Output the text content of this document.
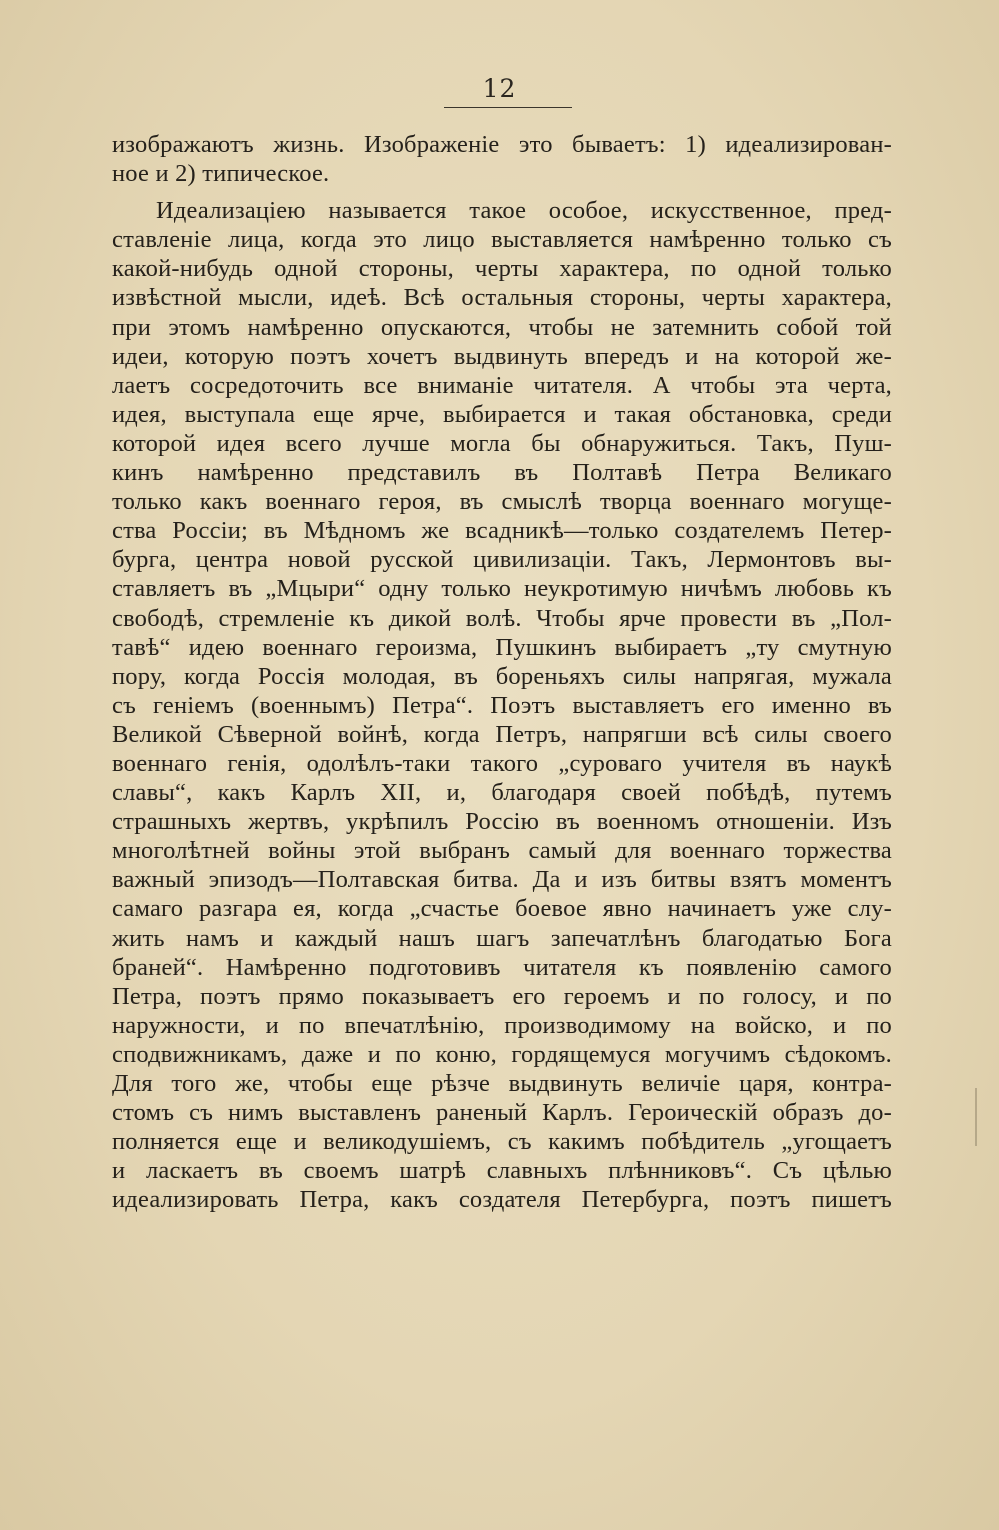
12
изображаютъ жизнь. Изображеніе это бываетъ: 1) идеализирован-
ное и 2) типическое.
Идеализаціею называется такое особое, искусственное, пред-
ставленіе лица, когда это лицо выставляется намѣренно только съ
какой-нибудь одной стороны, черты характера, по одной только
извѣстной мысли, идеѣ. Всѣ остальныя стороны, черты характера,
при этомъ намѣренно опускаются, чтобы не затемнить собой той
идеи, которую поэтъ хочетъ выдвинуть впередъ и на которой же-
лаетъ сосредоточить все вниманіе читателя. А чтобы эта черта,
идея, выступала еще ярче, выбирается и такая обстановка, среди
которой идея всего лучше могла бы обнаружиться. Такъ, Пуш-
кинъ намѣренно представилъ въ Полтавѣ Петра Великаго
только какъ военнаго героя, въ смыслѣ творца военнаго могуще-
ства Россіи; въ Мѣдномъ же всадникѣ—только создателемъ Петер-
бурга, центра новой русской цивилизаціи. Такъ, Лермонтовъ вы-
ставляетъ въ „Мцыри“ одну только неукротимую ничѣмъ любовь къ
свободѣ, стремленіе къ дикой волѣ. Чтобы ярче провести въ „Пол-
тавѣ“ идею военнаго героизма, Пушкинъ выбираетъ „ту смутную
пору, когда Россія молодая, въ бореньяхъ силы напрягая, мужала
съ геніемъ (военнымъ) Петра“. Поэтъ выставляетъ его именно въ
Великой Сѣверной войнѣ, когда Петръ, напрягши всѣ силы своего
военнаго генія, одолѣлъ-таки такого „суроваго учителя въ наукѣ
славы“, какъ Карлъ XII, и, благодаря своей побѣдѣ, путемъ
страшныхъ жертвъ, укрѣпилъ Россію въ военномъ отношеніи. Изъ
многолѣтней войны этой выбранъ самый для военнаго торжества
важный эпизодъ—Полтавская битва. Да и изъ битвы взятъ моментъ
самаго разгара ея, когда „счастье боевое явно начинаетъ уже слу-
жить намъ и каждый нашъ шагъ запечатлѣнъ благодатью Бога
браней“. Намѣренно подготовивъ читателя къ появленію самого
Петра, поэтъ прямо показываетъ его героемъ и по голосу, и по
наружности, и по впечатлѣнію, производимому на войско, и по
сподвижникамъ, даже и по коню, гордящемуся могучимъ сѣдокомъ.
Для того же, чтобы еще рѣзче выдвинуть величіе царя, контра-
стомъ съ нимъ выставленъ раненый Карлъ. Героическій образъ до-
полняется еще и великодушіемъ, съ какимъ побѣдитель „угощаетъ
и ласкаетъ въ своемъ шатрѣ славныхъ плѣнниковъ“. Съ цѣлью
идеализировать Петра, какъ создателя Петербурга, поэтъ пишетъ
